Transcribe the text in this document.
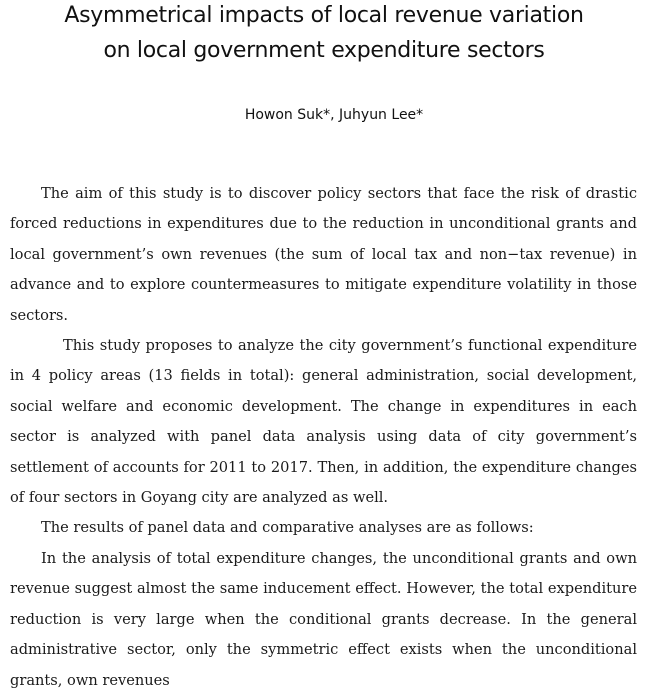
Asymmetrical impacts of local revenue variation
on local government expenditure sectors
Howon Suk*, Juhyun Lee*

The aim of this study is to discover policy sectors that face the risk of drastic forced reductions in expenditures due to the reduction in unconditional grants and local government’s own revenues (the sum of local tax and non−tax revenue) in advance and to explore countermeasures to mitigate expenditure volatility in those sectors.

This study proposes to analyze the city government’s functional expenditure in 4 policy areas (13 fields in total): general administration, social development, social welfare and economic development. The change in expenditures in each sector is analyzed with panel data analysis using data of city government’s settlement of accounts for 2011 to 2017. Then, in addition, the expenditure changes of four sectors in Goyang city are analyzed as well.

The results of panel data and comparative analyses are as follows:

In the analysis of total expenditure changes, the unconditional grants and own revenue suggest almost the same inducement effect. However, the total expenditure reduction is very large when the conditional grants decrease. In the general administrative sector, only the symmetric effect exists when the unconditional grants, own revenues
